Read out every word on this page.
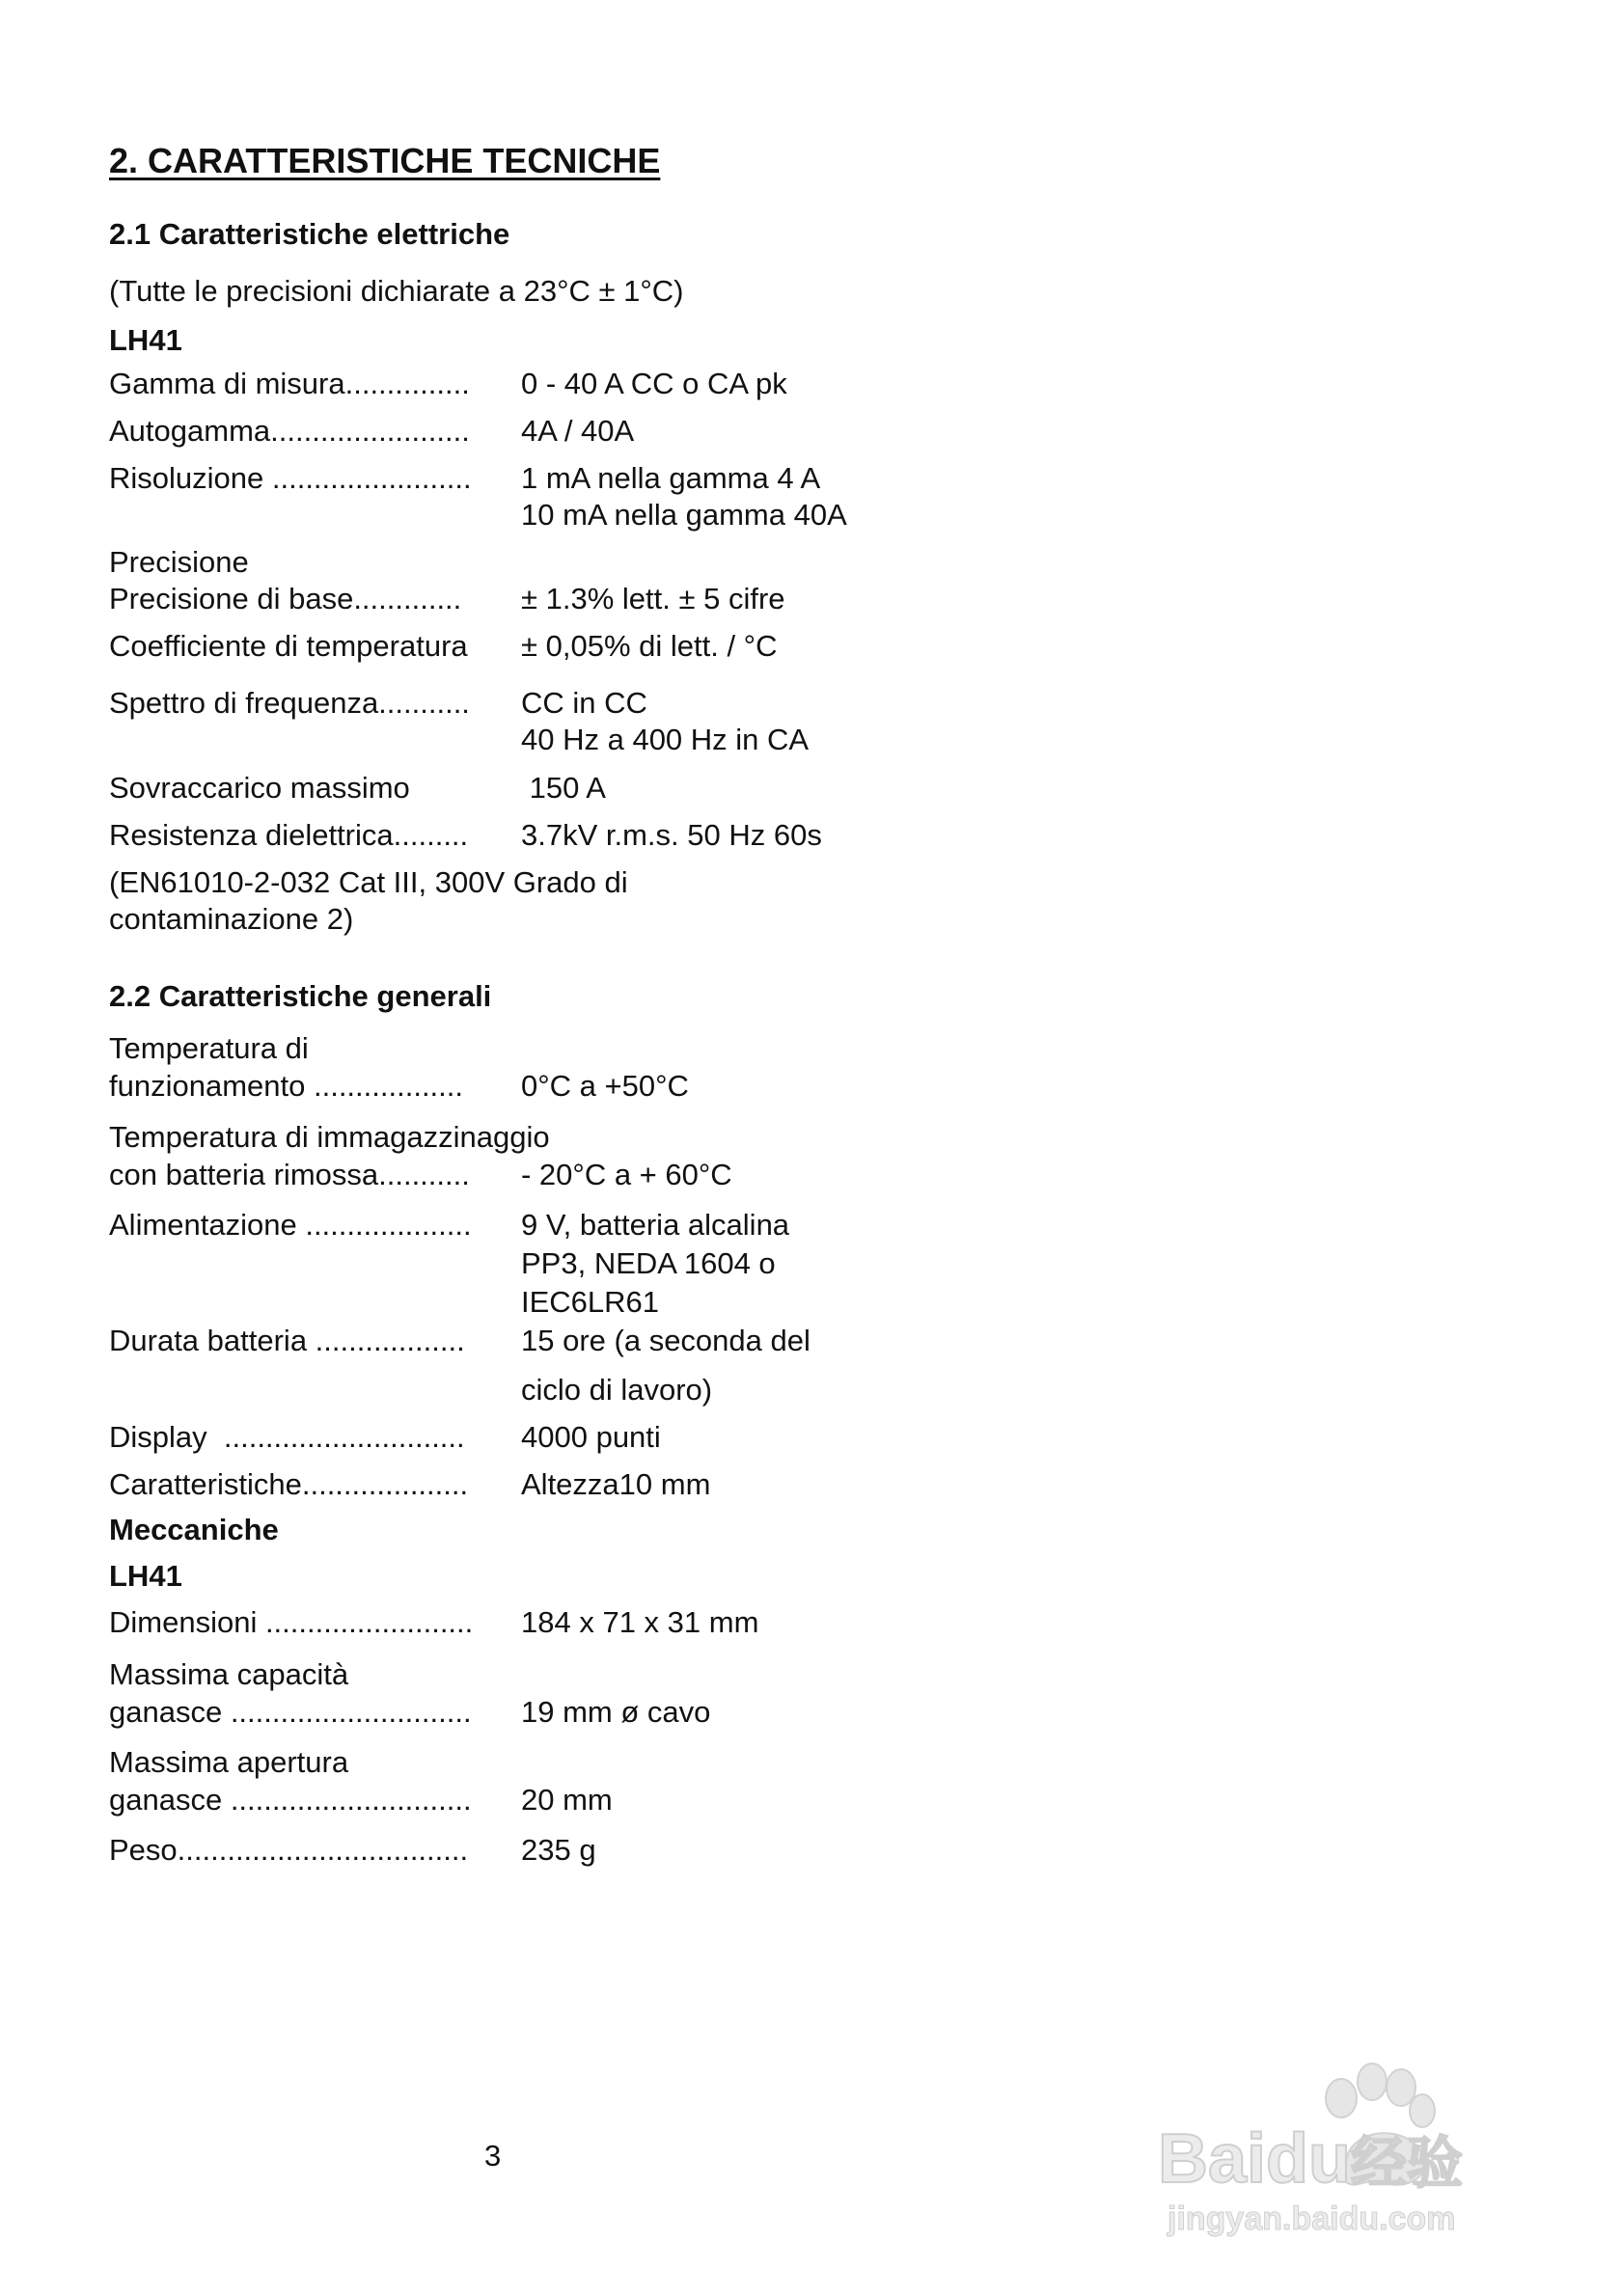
2. CARATTERISTICHE TECNICHE
2.1 Caratteristiche elettriche
(Tutte le precisioni dichiarate a 23°C ± 1°C)
LH41
Gamma di misura............... 0 - 40 A CC o CA pk
Autogamma........................ 4A / 40A
Risoluzione ........................ 1 mA nella gamma 4 A
10 mA nella gamma 40A
Precisione
Precisione di base............. ± 1.3% lett. ± 5 cifre
Coefficiente di temperatura ± 0,05% di lett. / °C
Spettro di frequenza........... CC in CC
40 Hz a 400 Hz in CA
Sovraccarico massimo	150 A
Resistenza dielettrica......... 3.7kV r.m.s. 50 Hz 60s
(EN61010-2-032 Cat III, 300V Grado di
contaminazione 2)
2.2 Caratteristiche generali
Temperatura di
funzionamento .................. 0°C a +50°C
Temperatura di immagazzinaggio
con batteria rimossa........... - 20°C a + 60°C
Alimentazione .................... 9 V, batteria alcalina
PP3, NEDA 1604 o
IEC6LR61
Durata batteria .................. 15 ore (a seconda del
ciclo di lavoro)
Display  ............................. 4000 punti
Caratteristiche.................... Altezza10 mm
Meccaniche
LH41
Dimensioni ......................... 184 x 71 x 31 mm
Massima capacità
ganasce ............................. 19 mm ø cavo
Massima apertura
ganasce ............................. 20 mm
Peso................................... 235 g
3	Baidu经验
jingyan.baidu.com
